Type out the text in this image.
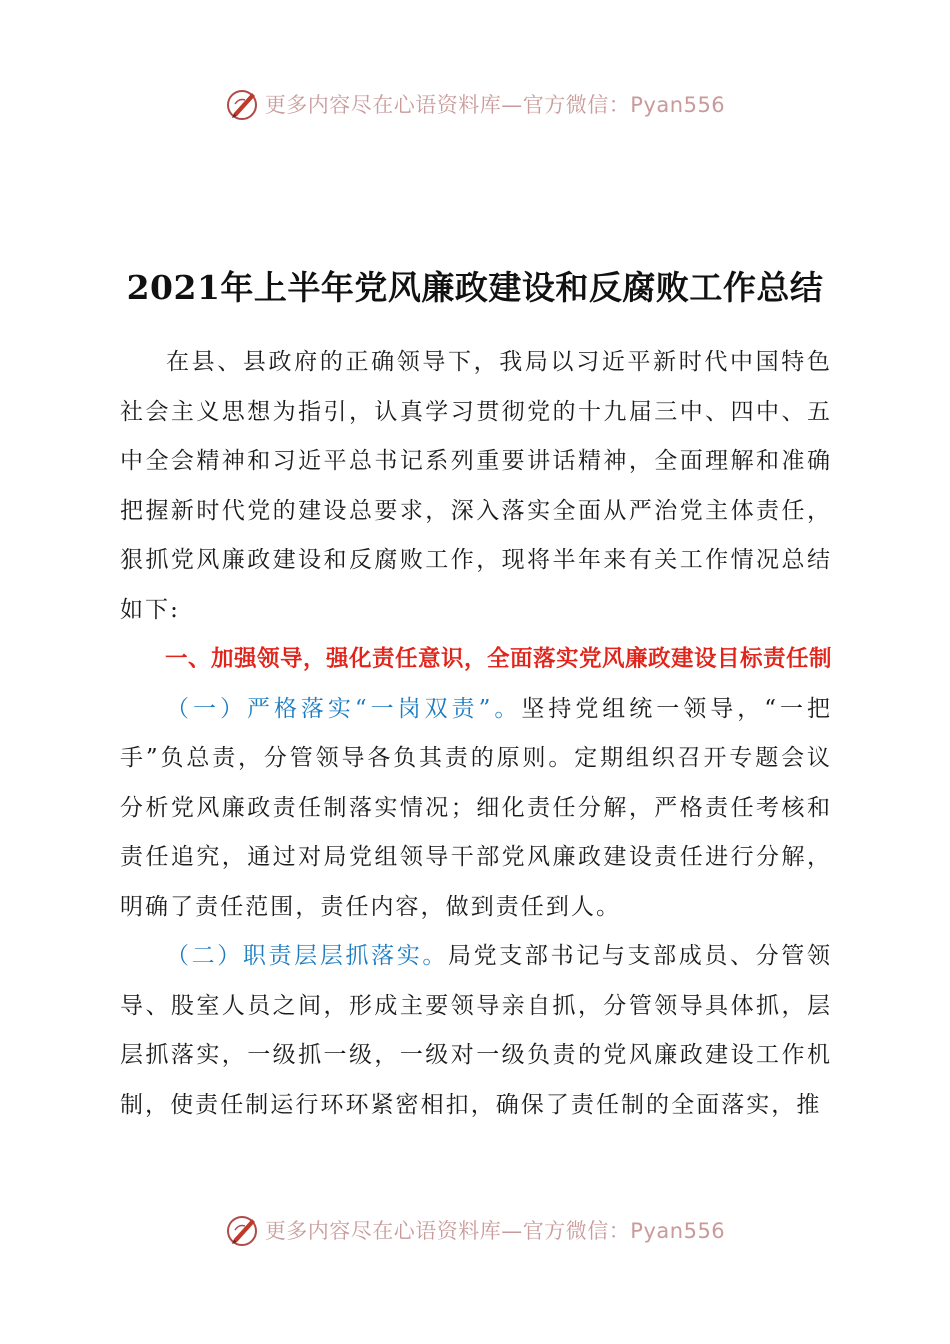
更多内容尽在心语资料库—官方微信：Pyan556
2021年上半年党风廉政建设和反腐败工作总结

在县、县政府的正确领导下，我局以习近平新时代中国特色社会主义思想为指引，认真学习贯彻党的十九届三中、四中、五中全会精神和习近平总书记系列重要讲话精神，全面理解和准确把握新时代党的建设总要求，深入落实全面从严治党主体责任，狠抓党风廉政建设和反腐败工作，现将半年来有关工作情况总结如下:

一、加强领导，强化责任意识，全面落实党风廉政建设目标责任制

（一）严格落实“一岗双责”。坚持党组统一领导，“一把手”负总责，分管领导各负其责的原则。定期组织召开专题会议分析党风廉政责任制落实情况；细化责任分解，严格责任考核和责任追究，通过对局党组领导干部党风廉政建设责任进行分解，明确了责任范围，责任内容，做到责任到人。

（二）职责层层抓落实。局党支部书记与支部成员、分管领导、股室人员之间，形成主要领导亲自抓，分管领导具体抓，层层抓落实，一级抓一级，一级对一级负责的党风廉政建设工作机制，使责任制运行环环紧密相扣，确保了责任制的全面落实，推

更多内容尽在心语资料库—官方微信：Pyan556
